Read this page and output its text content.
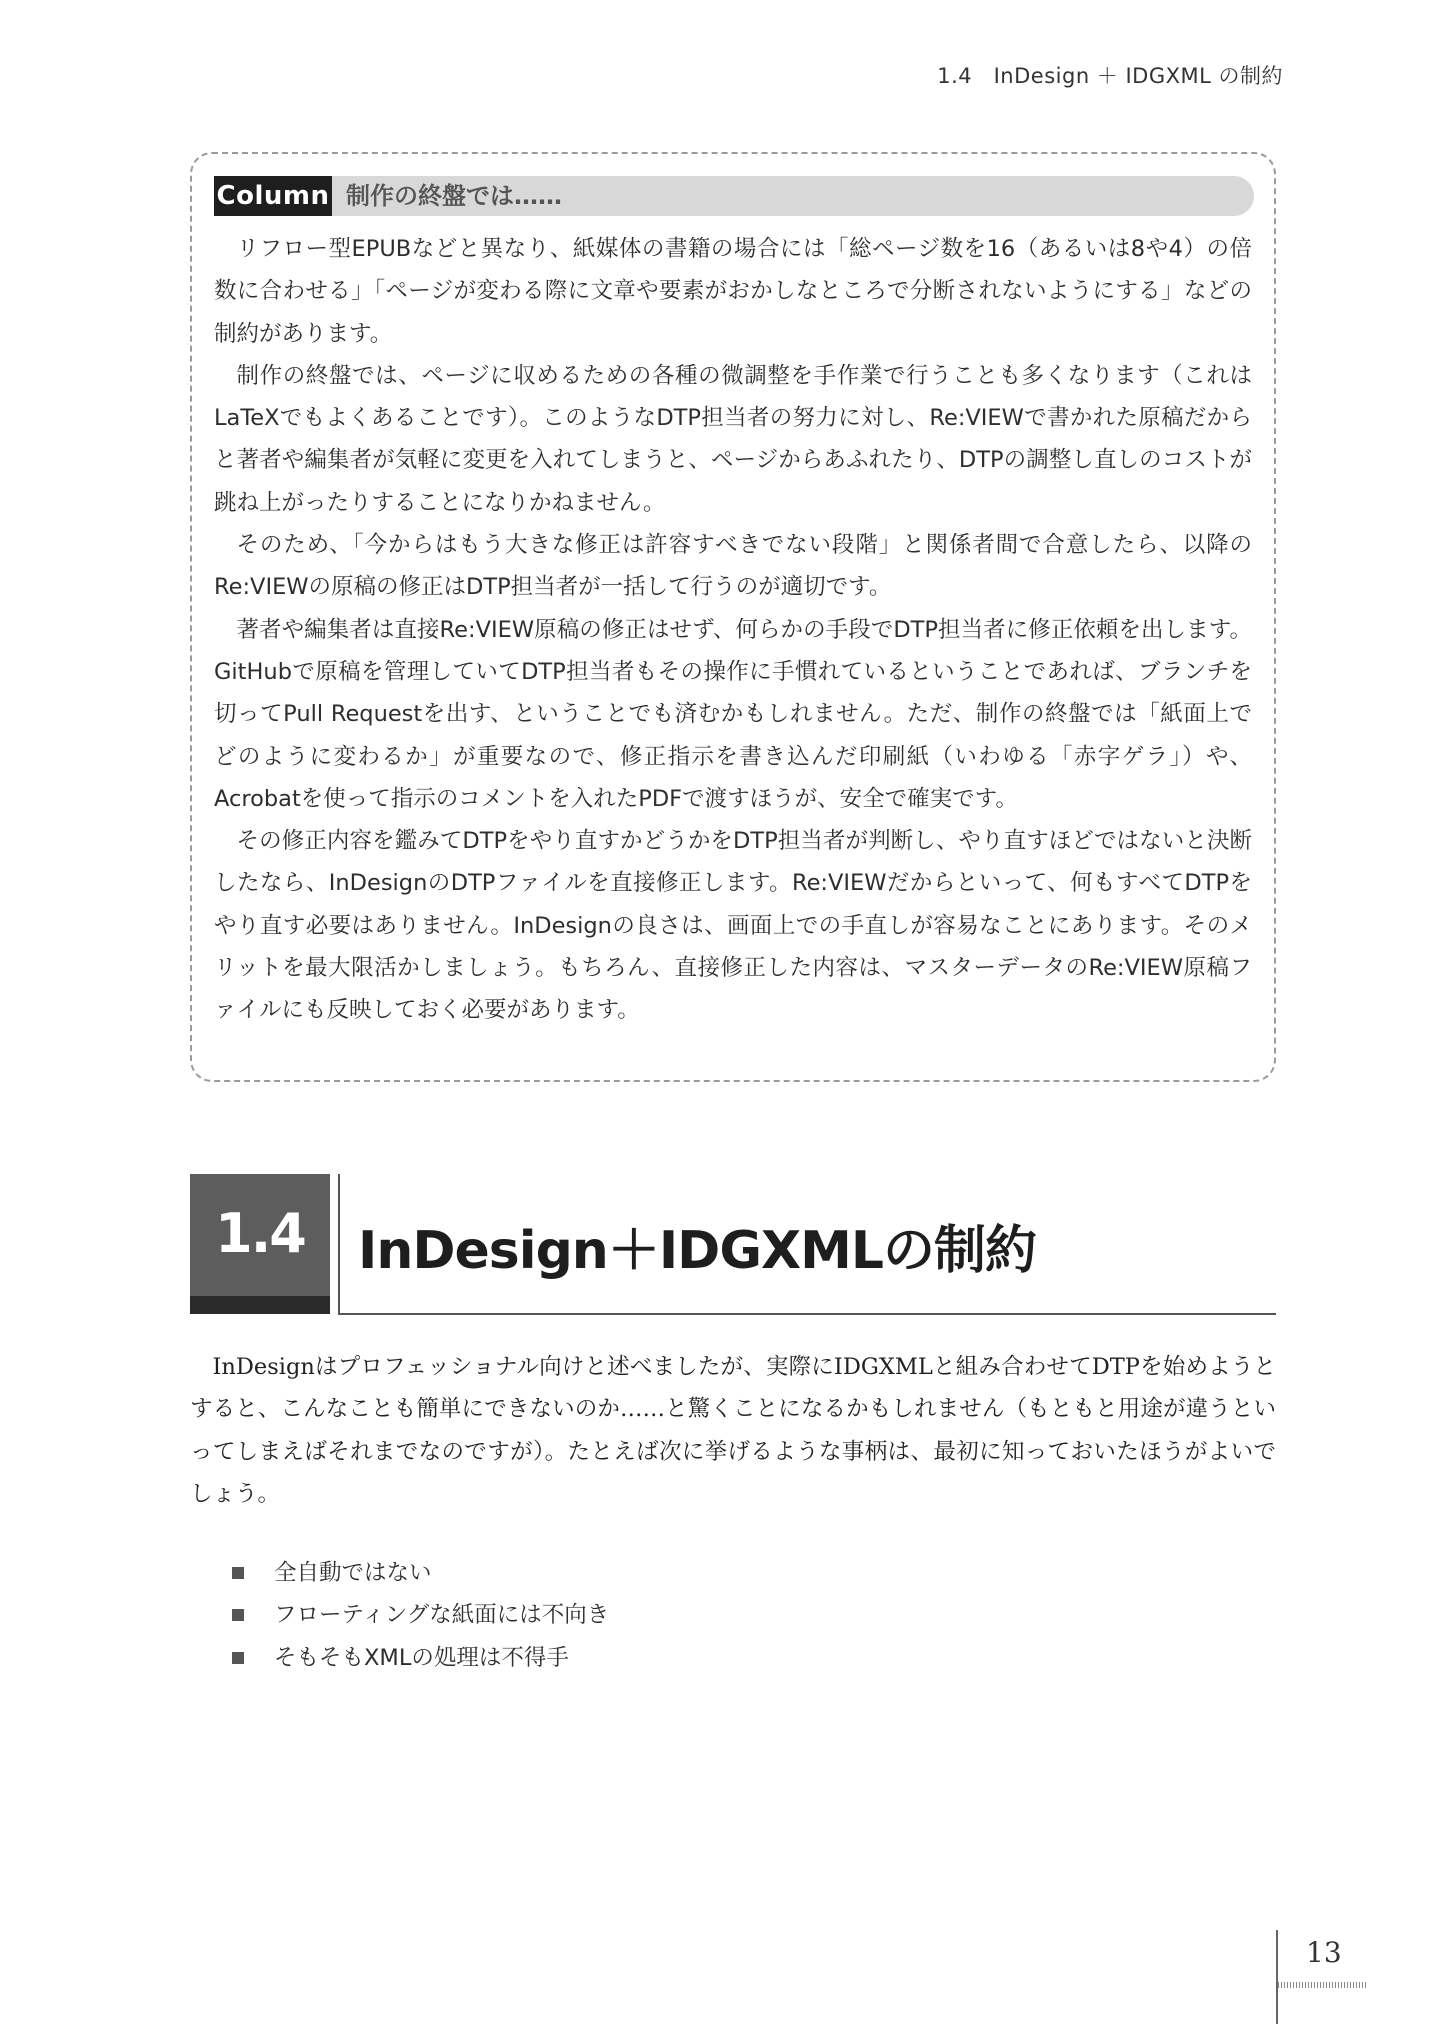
1.4　InDesign ＋ IDGXML の制約
Column 制作の終盤では……

リフロー型EPUBなどと異なり、紙媒体の書籍の場合には「総ページ数を16（あるいは8や4）の倍数に合わせる」「ページが変わる際に文章や要素がおかしなところで分断されないようにする」などの制約があります。

制作の終盤では、ページに収めるための各種の微調整を手作業で行うことも多くなります（これはLaTeXでもよくあることです）。このようなDTP担当者の努力に対し、Re:VIEWで書かれた原稿だからと著者や編集者が気軽に変更を入れてしまうと、ページからあふれたり、DTPの調整し直しのコストが跳ね上がったりすることになりかねません。

そのため、「今からはもう大きな修正は許容すべきでない段階」と関係者間で合意したら、以降のRe:VIEWの原稿の修正はDTP担当者が一括して行うのが適切です。

著者や編集者は直接Re:VIEW原稿の修正はせず、何らかの手段でDTP担当者に修正依頼を出します。GitHubで原稿を管理していてDTP担当者もその操作に手慣れているということであれば、ブランチを切ってPull Requestを出す、ということでも済むかもしれません。ただ、制作の終盤では「紙面上でどのように変わるか」が重要なので、修正指示を書き込んだ印刷紙（いわゆる「赤字ゲラ」）や、Acrobatを使って指示のコメントを入れたPDFで渡すほうが、安全で確実です。

その修正内容を鑑みてDTPをやり直すかどうかをDTP担当者が判断し、やり直すほどではないと決断したなら、InDesignのDTPファイルを直接修正します。Re:VIEWだからといって、何もすべてDTPをやり直す必要はありません。InDesignの良さは、画面上での手直しが容易なことにあります。そのメリットを最大限活かしましょう。もちろん、直接修正した内容は、マスターデータのRe:VIEW原稿ファイルにも反映しておく必要があります。

1.4	InDesign＋IDGXMLの制約

InDesignはプロフェッショナル向けと述べましたが、実際にIDGXMLと組み合わせてDTPを始めようとすると、こんなことも簡単にできないのか……と驚くことになるかもしれません（もともと用途が違うといってしまえばそれまでなのですが）。たとえば次に挙げるような事柄は、最初に知っておいたほうがよいでしょう。

全自動ではない
フローティングな紙面には不向き
そもそもXMLの処理は不得手
13
